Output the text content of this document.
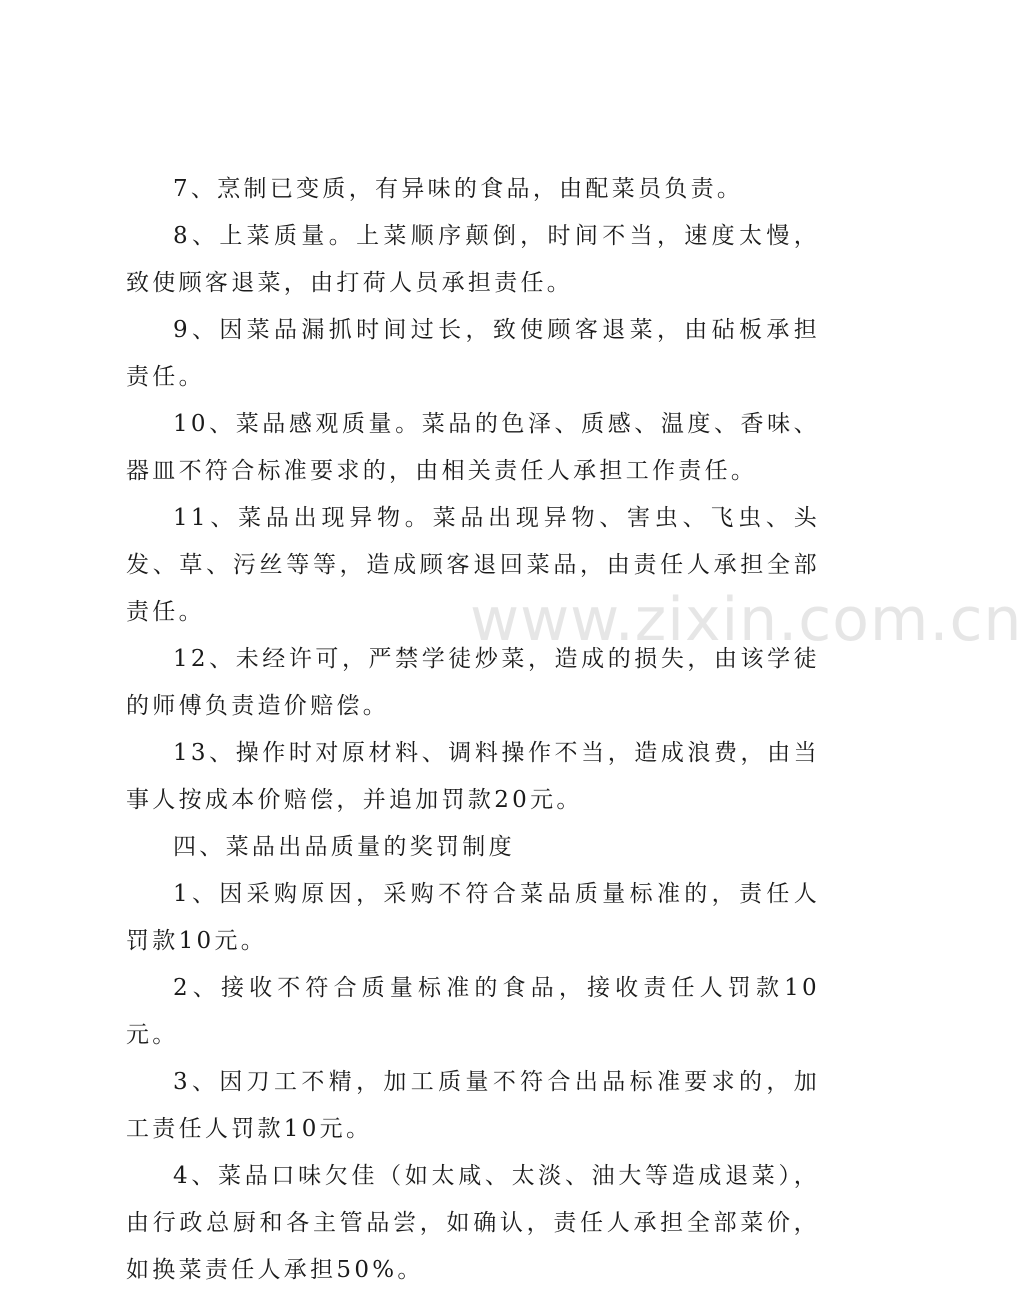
www.zixin.com.cn

7、烹制已变质，有异味的食品，由配菜员负责。

8、上菜质量。上菜顺序颠倒，时间不当，速度太慢，致使顾客退菜，由打荷人员承担责任。

9、因菜品漏抓时间过长，致使顾客退菜，由砧板承担责任。

10、菜品感观质量。菜品的色泽、质感、温度、香味、器皿不符合标准要求的，由相关责任人承担工作责任。

11、菜品出现异物。菜品出现异物、害虫、飞虫、头发、草、污丝等等，造成顾客退回菜品，由责任人承担全部责任。

12、未经许可，严禁学徒炒菜，造成的损失，由该学徒的师傅负责造价赔偿。

13、操作时对原材料、调料操作不当，造成浪费，由当事人按成本价赔偿，并追加罚款20元。

四、菜品出品质量的奖罚制度

1、因采购原因，采购不符合菜品质量标准的，责任人罚款10元。

2、接收不符合质量标准的食品，接收责任人罚款10元。

3、因刀工不精，加工质量不符合出品标准要求的，加工责任人罚款10元。

4、菜品口味欠佳（如太咸、太淡、油大等造成退菜），由行政总厨和各主管品尝，如确认，责任人承担全部菜价，如换菜责任人承担50%。
